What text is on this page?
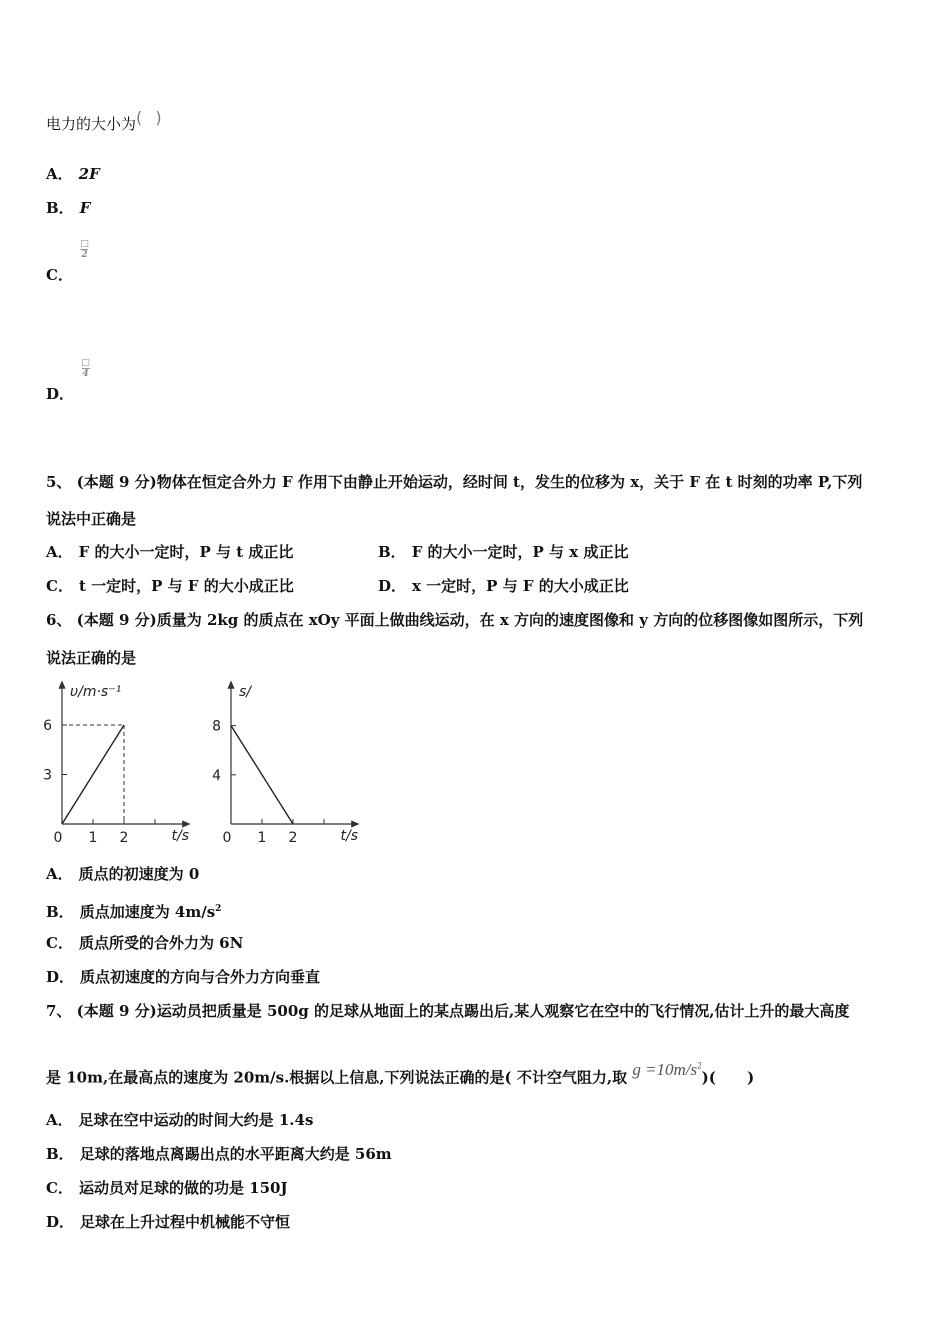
电力的大小为( )
A． 2F
B． F
C． $\frac{□}{2}$
D． $\frac{□}{4}$
5、 (本题 9 分)物体在恒定合外力 F 作用下由静止开始运动，经时间 t，发生的位移为 x，关于 F 在 t 时刻的功率 P,下列
说法中正确是
A． F 的大小一定时，P 与 t 成正比	B． F 的大小一定时，P 与 x 成正比
C． t 一定时，P 与 F 的大小成正比	D． x 一定时，P 与 F 的大小成正比
6、 (本题 9 分)质量为 2kg 的质点在 xOy 平面上做曲线运动，在 x 方向的速度图像和 y 方向的位移图像如图所示，下列
说法正确的是
0 1 2
3
6
υ/m·s⁻¹
t/s 0 1 2
4
8
s/
t/s
A． 质点的初速度为 0
B． 质点加速度为 $4m/s^2$
C． 质点所受的合外力为 6N
D． 质点初速度的方向与合外力方向垂直
7、 (本题 9 分)运动员把质量是 500g 的足球从地面上的某点踢出后,某人观察它在空中的飞行情况,估计上升的最大高度
是 10m,在最高点的速度为 20m/s.根据以上信息,下列说法正确的是( 不计空气阻力,取 $g =10m/s^2$)(      )
A． 足球在空中运动的时间大约是 1.4s
B． 足球的落地点离踢出点的水平距离大约是 56m
C． 运动员对足球的做的功是 150J
D． 足球在上升过程中机械能不守恒
